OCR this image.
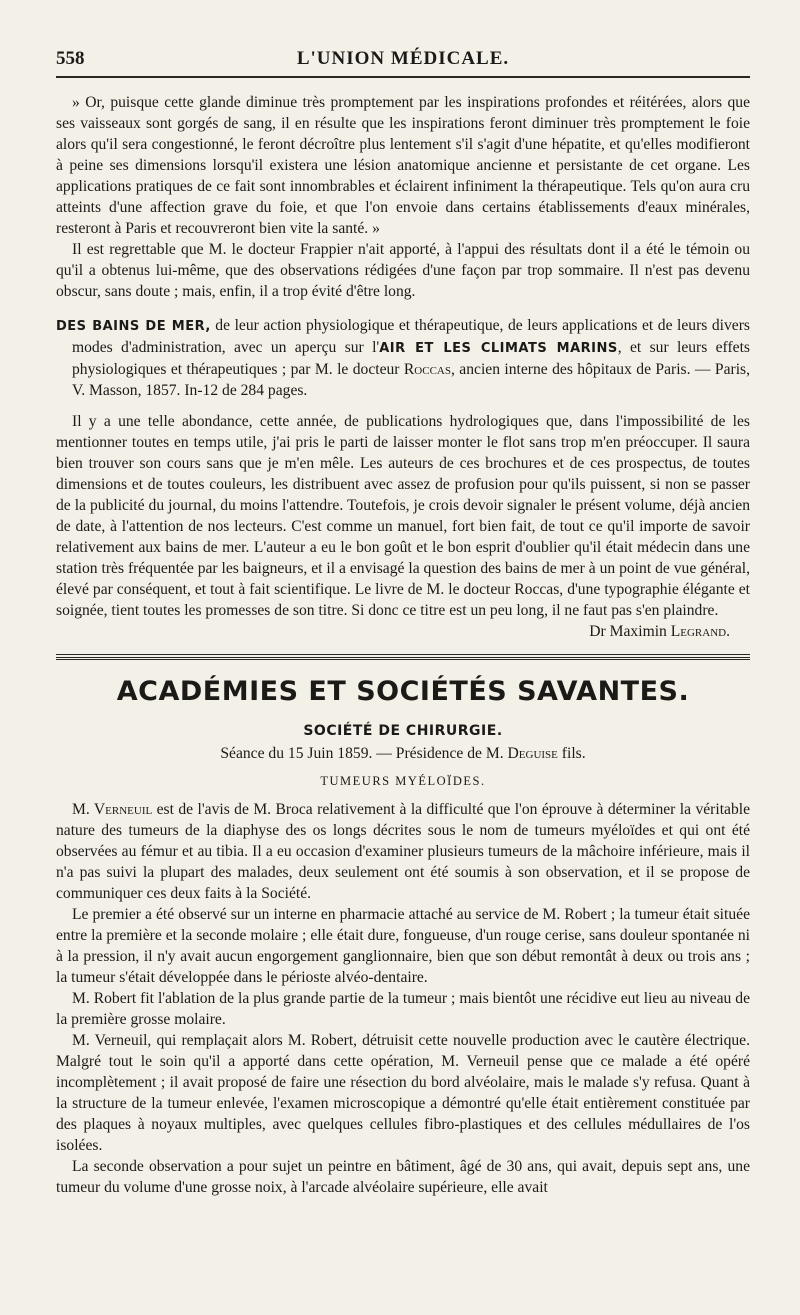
558	L'UNION MÉDICALE.

» Or, puisque cette glande diminue très promptement par les inspirations profondes et réitérées, alors que ses vaisseaux sont gorgés de sang, il en résulte que les inspirations feront diminuer très promptement le foie alors qu'il sera congestionné, le feront décroître plus lentement s'il s'agit d'une hépatite, et qu'elles modifieront à peine ses dimensions lorsqu'il existera une lésion anatomique ancienne et persistante de cet organe. Les applications pratiques de ce fait sont innombrables et éclairent infiniment la thérapeutique. Tels qu'on aura cru atteints d'une affection grave du foie, et que l'on envoie dans certains établissements d'eaux minérales, resteront à Paris et recouvreront bien vite la santé. »

Il est regrettable que M. le docteur Frappier n'ait apporté, à l'appui des résultats dont il a été le témoin ou qu'il a obtenus lui-même, que des observations rédigées d'une façon par trop sommaire. Il n'est pas devenu obscur, sans doute ; mais, enfin, il a trop évité d'être long.

DES BAINS DE MER, de leur action physiologique et thérapeutique, de leurs applications et de leurs divers modes d'administration, avec un aperçu sur l'AIR ET LES CLIMATS MARINS, et sur leurs effets physiologiques et thérapeutiques ; par M. le docteur Roccas, ancien interne des hôpitaux de Paris. — Paris, V. Masson, 1857. In-12 de 284 pages.

Il y a une telle abondance, cette année, de publications hydrologiques que, dans l'impossibilité de les mentionner toutes en temps utile, j'ai pris le parti de laisser monter le flot sans trop m'en préoccuper. Il saura bien trouver son cours sans que je m'en mêle. Les auteurs de ces brochures et de ces prospectus, de toutes dimensions et de toutes couleurs, les distribuent avec assez de profusion pour qu'ils puissent, si non se passer de la publicité du journal, du moins l'attendre. Toutefois, je crois devoir signaler le présent volume, déjà ancien de date, à l'attention de nos lecteurs. C'est comme un manuel, fort bien fait, de tout ce qu'il importe de savoir relativement aux bains de mer. L'auteur a eu le bon goût et le bon esprit d'oublier qu'il était médecin dans une station très fréquentée par les baigneurs, et il a envisagé la question des bains de mer à un point de vue général, élevé par conséquent, et tout à fait scientifique. Le livre de M. le docteur Roccas, d'une typographie élégante et soignée, tient toutes les promesses de son titre. Si donc ce titre est un peu long, il ne faut pas s'en plaindre.

Dr Maximin Legrand.
ACADÉMIES ET SOCIÉTÉS SAVANTES.
SOCIÉTÉ DE CHIRURGIE.
Séance du 15 Juin 1859. — Présidence de M. Deguise fils.
TUMEURS MYÉLOÏDES.

M. Verneuil est de l'avis de M. Broca relativement à la difficulté que l'on éprouve à déterminer la véritable nature des tumeurs de la diaphyse des os longs décrites sous le nom de tumeurs myéloïdes et qui ont été observées au fémur et au tibia. Il a eu occasion d'examiner plusieurs tumeurs de la mâchoire inférieure, mais il n'a pas suivi la plupart des malades, deux seulement ont été soumis à son observation, et il se propose de communiquer ces deux faits à la Société.

Le premier a été observé sur un interne en pharmacie attaché au service de M. Robert ; la tumeur était située entre la première et la seconde molaire ; elle était dure, fongueuse, d'un rouge cerise, sans douleur spontanée ni à la pression, il n'y avait aucun engorgement ganglionnaire, bien que son début remontât à deux ou trois ans ; la tumeur s'était développée dans le périoste alvéo-dentaire.

M. Robert fit l'ablation de la plus grande partie de la tumeur ; mais bientôt une récidive eut lieu au niveau de la première grosse molaire.

M. Verneuil, qui remplaçait alors M. Robert, détruisit cette nouvelle production avec le cautère électrique. Malgré tout le soin qu'il a apporté dans cette opération, M. Verneuil pense que ce malade a été opéré incomplètement ; il avait proposé de faire une résection du bord alvéolaire, mais le malade s'y refusa. Quant à la structure de la tumeur enlevée, l'examen microscopique a démontré qu'elle était entièrement constituée par des plaques à noyaux multiples, avec quelques cellules fibro-plastiques et des cellules médullaires de l'os isolées.

La seconde observation a pour sujet un peintre en bâtiment, âgé de 30 ans, qui avait, depuis sept ans, une tumeur du volume d'une grosse noix, à l'arcade alvéolaire supérieure, elle avait
